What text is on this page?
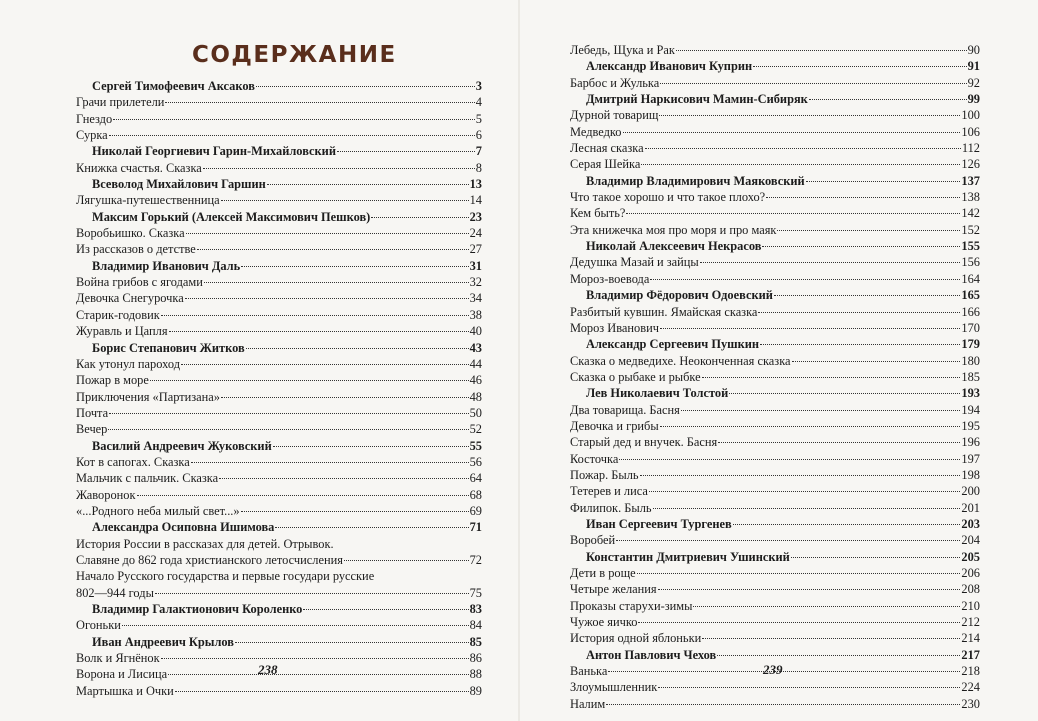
СОДЕРЖАНИЕ
Сергей Тимофеевич Аксаков	3
Грачи прилетели	4
Гнездо	5
Сурка	6
Николай Георгиевич Гарин-Михайловский	7
Книжка счастья. Сказка	8
Всеволод Михайлович Гаршин	13
Лягушка-путешественница	14
Максим Горький (Алексей Максимович Пешков)	23
Воробьишко. Сказка	24
Из рассказов о детстве	27
Владимир Иванович Даль	31
Война грибов с ягодами	32
Девочка Снегурочка	34
Старик-годовик	38
Журавль и Цапля	40
Борис Степанович Житков	43
Как утонул пароход	44
Пожар в море	46
Приключения «Партизана»	48
Почта	50
Вечер	52
Василий Андреевич Жуковский	55
Кот в сапогах. Сказка	56
Мальчик с пальчик. Сказка	64
Жаворонок	68
«...Родного неба милый свет...»	69
Александра Осиповна Ишимова	71
История России в рассказах для детей. Отрывок.
Славяне до 862 года христианского летосчисления	72
Начало Русского государства и первые государи русские
802—944 годы	75
Владимир Галактионович Короленко	83
Огоньки	84
Иван Андреевич Крылов	85
Волк и Ягнёнок	86
Ворона и Лисица	88
Мартышка и Очки	89
238
Лебедь, Щука и Рак	90
Александр Иванович Куприн	91
Барбос и Жулька	92
Дмитрий Наркисович Мамин-Сибиряк	99
Дурной товарищ	100
Медведко	106
Лесная сказка	112
Серая Шейка	126
Владимир Владимирович Маяковский	137
Что такое хорошо и что такое плохо?	138
Кем быть?	142
Эта книжечка моя про моря и про маяк	152
Николай Алексеевич Некрасов	155
Дедушка Мазай и зайцы	156
Мороз-воевода	164
Владимир Фёдорович Одоевский	165
Разбитый кувшин. Ямайская сказка	166
Мороз Иванович	170
Александр Сергеевич Пушкин	179
Сказка о медведихе. Неоконченная сказка	180
Сказка о рыбаке и рыбке	185
Лев Николаевич Толстой	193
Два товарища. Басня	194
Девочка и грибы	195
Старый дед и внучек. Басня	196
Косточка	197
Пожар. Быль	198
Тетерев и лиса	200
Филипок. Быль	201
Иван Сергеевич Тургенев	203
Воробей	204
Константин Дмитриевич Ушинский	205
Дети в роще	206
Четыре желания	208
Проказы старухи-зимы	210
Чужое яичко	212
История одной яблоньки	214
Антон Павлович Чехов	217
Ванька	218
Злоумышленник	224
Налим	230
239
